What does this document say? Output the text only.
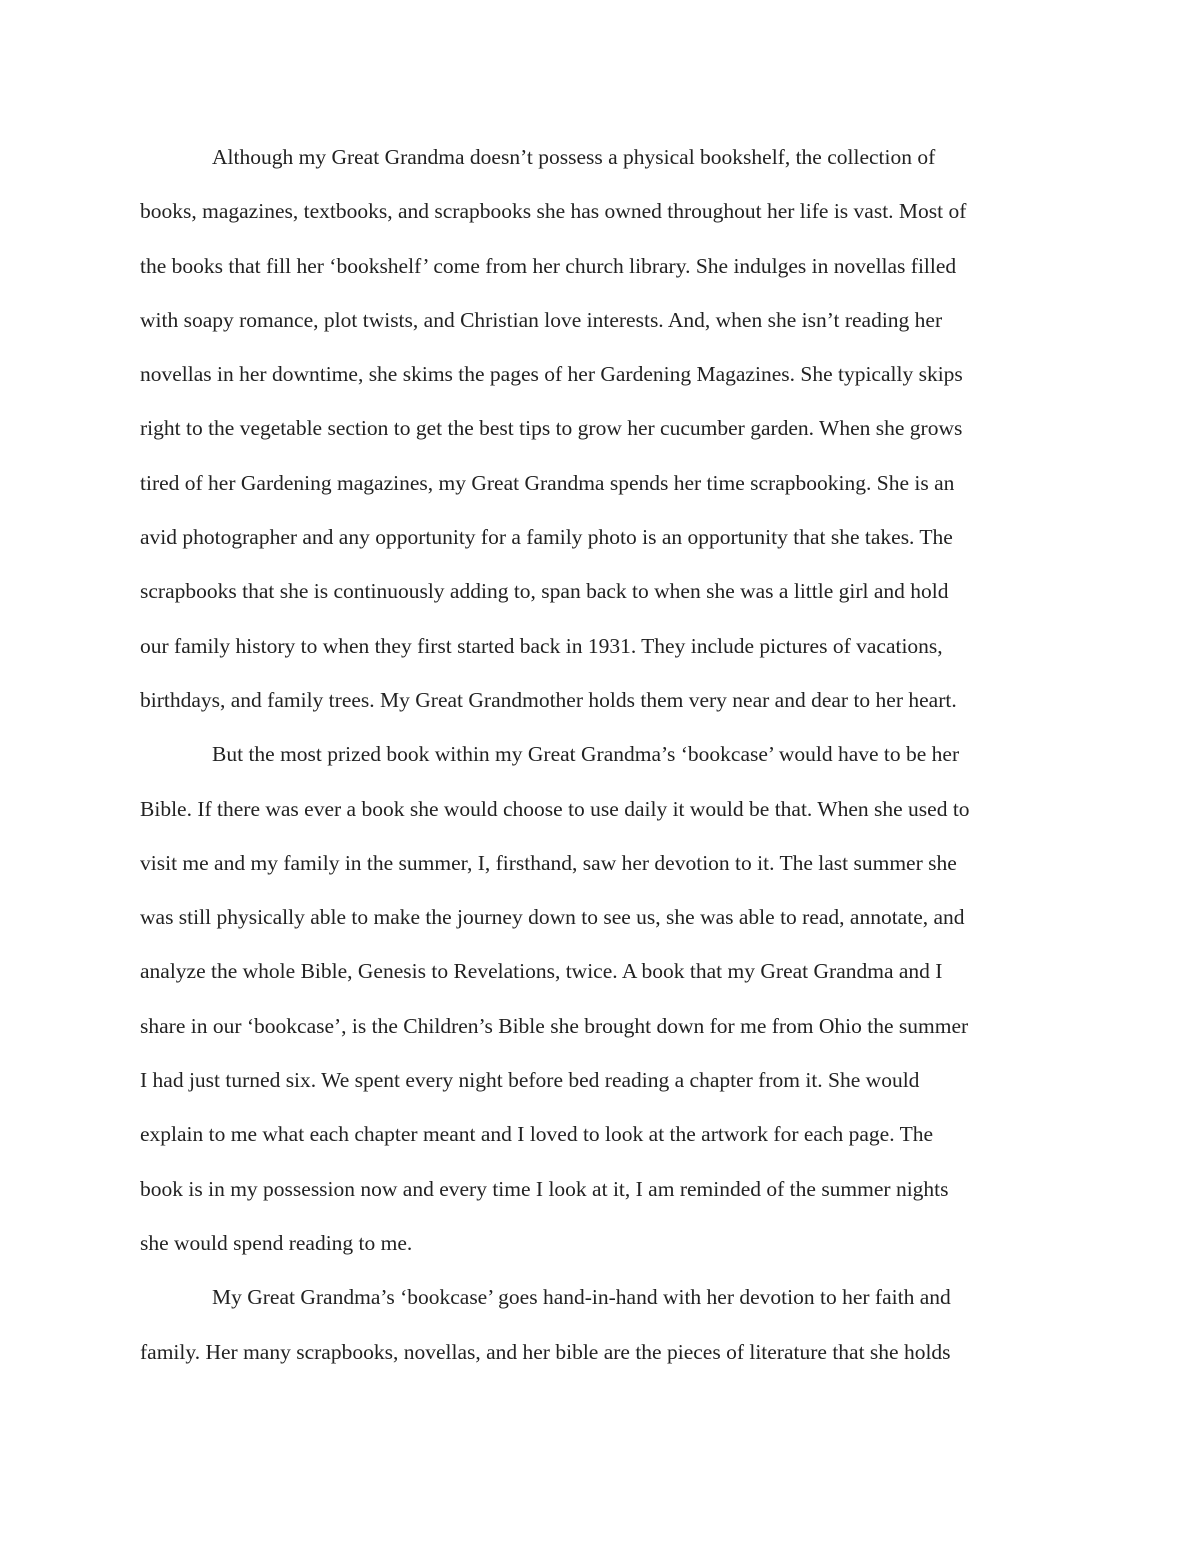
Although my Great Grandma doesn’t possess a physical bookshelf, the collection of
books, magazines, textbooks, and scrapbooks she has owned throughout her life is vast. Most of
the books that fill her ‘bookshelf’ come from her church library. She indulges in novellas filled
with soapy romance, plot twists, and Christian love interests. And, when she isn’t reading her
novellas in her downtime, she skims the pages of her Gardening Magazines. She typically skips
right to the vegetable section to get the best tips to grow her cucumber garden. When she grows
tired of her Gardening magazines, my Great Grandma spends her time scrapbooking. She is an
avid photographer and any opportunity for a family photo is an opportunity that she takes. The
scrapbooks that she is continuously adding to, span back to when she was a little girl and hold
our family history to when they first started back in 1931. They include pictures of vacations,
birthdays, and family trees. My Great Grandmother holds them very near and dear to her heart.
But the most prized book within my Great Grandma’s ‘bookcase’ would have to be her
Bible. If there was ever a book she would choose to use daily it would be that. When she used to
visit me and my family in the summer, I, firsthand, saw her devotion to it. The last summer she
was still physically able to make the journey down to see us, she was able to read, annotate, and
analyze the whole Bible, Genesis to Revelations, twice. A book that my Great Grandma and I
share in our ‘bookcase’, is the Children’s Bible she brought down for me from Ohio the summer
I had just turned six. We spent every night before bed reading a chapter from it. She would
explain to me what each chapter meant and I loved to look at the artwork for each page. The
book is in my possession now and every time I look at it, I am reminded of the summer nights
she would spend reading to me.
My Great Grandma’s ‘bookcase’ goes hand-in-hand with her devotion to her faith and
family. Her many scrapbooks, novellas, and her bible are the pieces of literature that she holds
